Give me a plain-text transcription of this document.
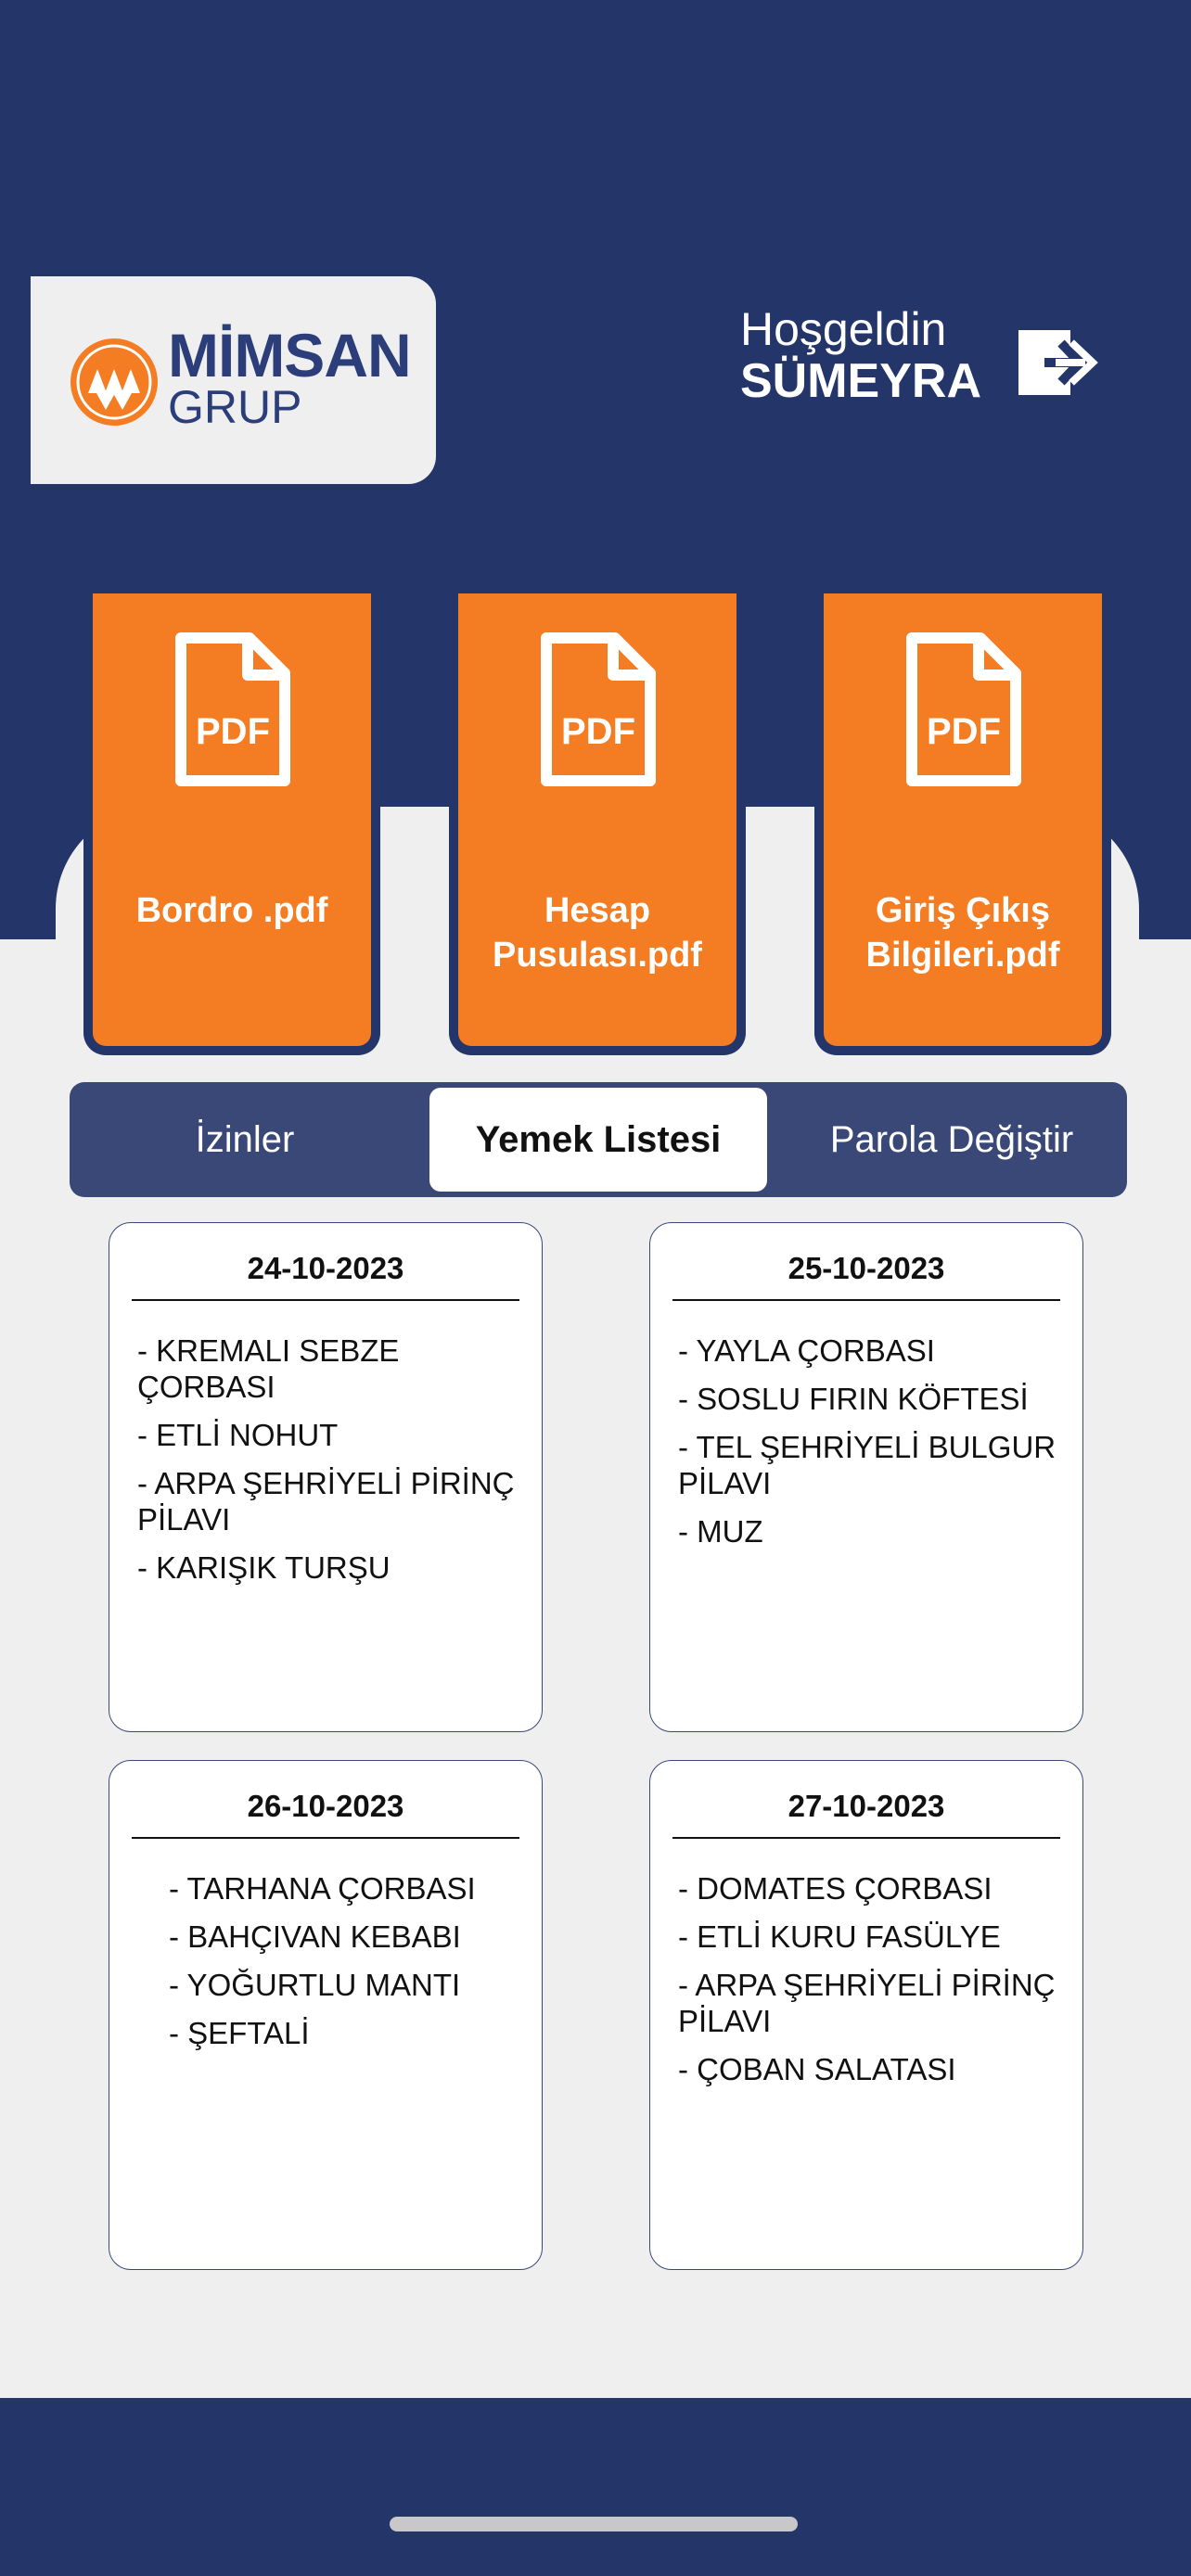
MİMSAN
GRUP
Hoşgeldin
SÜMEYRA
PDF
Bordro .pdf
PDF
Hesap Pusulası.pdf
PDF
Giriş Çıkış Bilgileri.pdf
İzinler	Yemek Listesi	Parola Değiştir
24-10-2023
- KREMALI SEBZE ÇORBASI
- ETLİ NOHUT
- ARPA ŞEHRİYELİ PİRİNÇ PİLAVI
- KARIŞIK TURŞU
25-10-2023
- YAYLA ÇORBASI
- SOSLU FIRIN KÖFTESİ
- TEL ŞEHRİYELİ BULGUR PİLAVI
- MUZ
26-10-2023
- TARHANA ÇORBASI
- BAHÇIVAN KEBABI
- YOĞURTLU MANTI
- ŞEFTALİ
27-10-2023
- DOMATES ÇORBASI
- ETLİ KURU FASÜLYE
- ARPA ŞEHRİYELİ PİRİNÇ PİLAVI
- ÇOBAN SALATASI
